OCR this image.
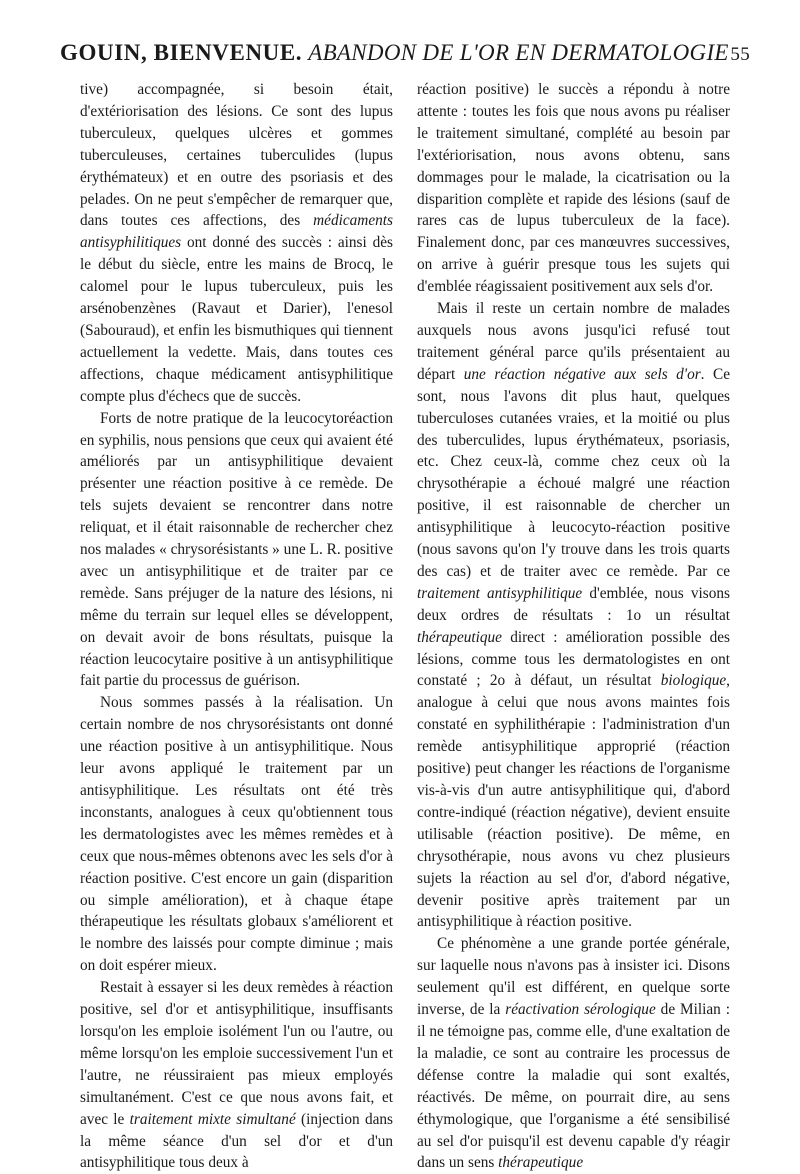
GOUIN, BIENVENUE. ABANDON DE L'OR EN DERMATOLOGIE 55

tive) accompagnée, si besoin était, d'extériorisation des lésions. Ce sont des lupus tuberculeux, quelques ulcères et gommes tuberculeuses, certaines tuberculides (lupus érythémateux) et en outre des psoriasis et des pelades. On ne peut s'empêcher de remarquer que, dans toutes ces affections, des médicaments antisyphilitiques ont donné des succès : ainsi dès le début du siècle, entre les mains de Brocq, le calomel pour le lupus tuberculeux, puis les arsénobenzènes (Ravaut et Darier), l'enesol (Sabouraud), et enfin les bismuthiques qui tiennent actuellement la vedette. Mais, dans toutes ces affections, chaque médicament antisyphilitique compte plus d'échecs que de succès.

Forts de notre pratique de la leucocytoréaction en syphilis, nous pensions que ceux qui avaient été améliorés par un antisyphilitique devaient présenter une réaction positive à ce remède. De tels sujets devaient se rencontrer dans notre reliquat, et il était raisonnable de rechercher chez nos malades « chrysorésistants » une L. R. positive avec un antisyphilitique et de traiter par ce remède. Sans préjuger de la nature des lésions, ni même du terrain sur lequel elles se développent, on devait avoir de bons résultats, puisque la réaction leucocytaire positive à un antisyphilitique fait partie du processus de guérison.

Nous sommes passés à la réalisation. Un certain nombre de nos chrysorésistants ont donné une réaction positive à un antisyphilitique. Nous leur avons appliqué le traitement par un antisyphilitique. Les résultats ont été très inconstants, analogues à ceux qu'obtiennent tous les dermatologistes avec les mêmes remèdes et à ceux que nous-mêmes obtenons avec les sels d'or à réaction positive. C'est encore un gain (disparition ou simple amélioration), et à chaque étape thérapeutique les résultats globaux s'améliorent et le nombre des laissés pour compte diminue ; mais on doit espérer mieux.

Restait à essayer si les deux remèdes à réaction positive, sel d'or et antisyphilitique, insuffisants lorsqu'on les emploie isolément l'un ou l'autre, ou même lorsqu'on les emploie successivement l'un et l'autre, ne réussiraient pas mieux employés simultanément. C'est ce que nous avons fait, et avec le traitement mixte simultané (injection dans la même séance d'un sel d'or et d'un antisyphilitique tous deux à

réaction positive) le succès a répondu à notre attente : toutes les fois que nous avons pu réaliser le traitement simultané, complété au besoin par l'extériorisation, nous avons obtenu, sans dommages pour le malade, la cicatrisation ou la disparition complète et rapide des lésions (sauf de rares cas de lupus tuberculeux de la face). Finalement donc, par ces manœuvres successives, on arrive à guérir presque tous les sujets qui d'emblée réagissaient positivement aux sels d'or.

Mais il reste un certain nombre de malades auxquels nous avons jusqu'ici refusé tout traitement général parce qu'ils présentaient au départ une réaction négative aux sels d'or. Ce sont, nous l'avons dit plus haut, quelques tuberculoses cutanées vraies, et la moitié ou plus des tuberculides, lupus érythémateux, psoriasis, etc. Chez ceux-là, comme chez ceux où la chrysothérapie a échoué malgré une réaction positive, il est raisonnable de chercher un antisyphilitique à leucocyto-réaction positive (nous savons qu'on l'y trouve dans les trois quarts des cas) et de traiter avec ce remède. Par ce traitement antisyphilitique d'emblée, nous visons deux ordres de résultats : 1o un résultat thérapeutique direct : amélioration possible des lésions, comme tous les dermatologistes en ont constaté ; 2o à défaut, un résultat biologique, analogue à celui que nous avons maintes fois constaté en syphilithérapie : l'administration d'un remède antisyphilitique approprié (réaction positive) peut changer les réactions de l'organisme vis-à-vis d'un autre antisyphilitique qui, d'abord contre-indiqué (réaction négative), devient ensuite utilisable (réaction positive). De même, en chrysothérapie, nous avons vu chez plusieurs sujets la réaction au sel d'or, d'abord négative, devenir positive après traitement par un antisyphilitique à réaction positive.

Ce phénomène a une grande portée générale, sur laquelle nous n'avons pas à insister ici. Disons seulement qu'il est différent, en quelque sorte inverse, de la réactivation sérologique de Milian : il ne témoigne pas, comme elle, d'une exaltation de la maladie, ce sont au contraire les processus de défense contre la maladie qui sont exaltés, réactivés. De même, on pourrait dire, au sens éthymologique, que l'organisme a été sensibilisé au sel d'or puisqu'il est devenu capable d'y réagir dans un sens thérapeutique
